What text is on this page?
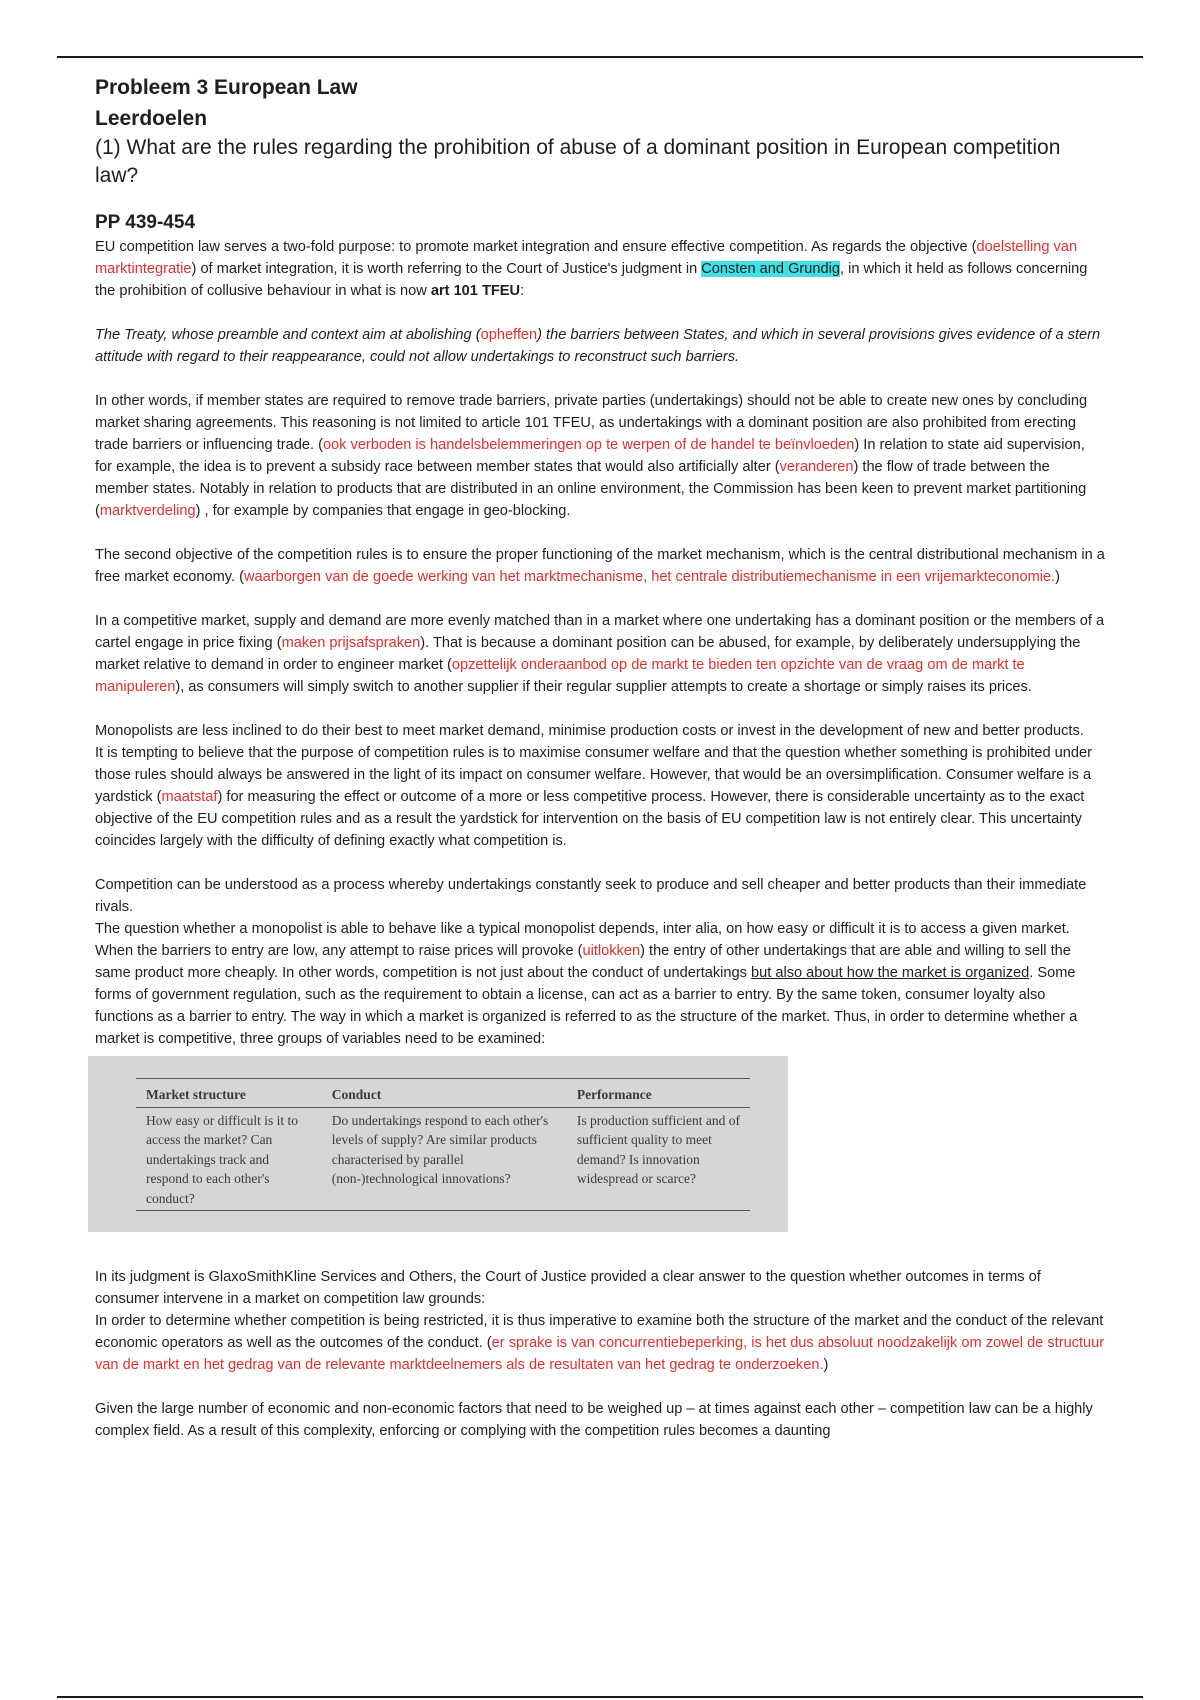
Probleem 3 European Law
Leerdoelen
(1) What are the rules regarding the prohibition of abuse of a dominant position in European competition law?
PP 439-454

EU competition law serves a two-fold purpose: to promote market integration and ensure effective competition. As regards the objective (doelstelling van marktintegratie) of market integration, it is worth referring to the Court of Justice's judgment in Consten and Grundig, in which it held as follows concerning the prohibition of collusive behaviour in what is now art 101 TFEU:

The Treaty, whose preamble and context aim at abolishing (opheffen) the barriers between States, and which in several provisions gives evidence of a stern attitude with regard to their reappearance, could not allow undertakings to reconstruct such barriers.

In other words, if member states are required to remove trade barriers, private parties (undertakings) should not be able to create new ones by concluding market sharing agreements. This reasoning is not limited to article 101 TFEU, as undertakings with a dominant position are also prohibited from erecting trade barriers or influencing trade. (ook verboden is handelsbelemmeringen op te werpen of de handel te beïnvloeden) In relation to state aid supervision, for example, the idea is to prevent a subsidy race between member states that would also artificially alter (veranderen) the flow of trade between the member states. Notably in relation to products that are distributed in an online environment, the Commission has been keen to prevent market partitioning (marktverdeling) , for example by companies that engage in geo-blocking.

The second objective of the competition rules is to ensure the proper functioning of the market mechanism, which is the central distributional mechanism in a free market economy. (waarborgen van de goede werking van het marktmechanisme, het centrale distributiemechanisme in een vrijemarkteconomie.)

In a competitive market, supply and demand are more evenly matched than in a market where one undertaking has a dominant position or the members of a cartel engage in price fixing (maken prijsafspraken). That is because a dominant position can be abused, for example, by deliberately undersupplying the market relative to demand in order to engineer market (opzettelijk onderaanbod op de markt te bieden ten opzichte van de vraag om de markt te manipuleren), as consumers will simply switch to another supplier if their regular supplier attempts to create a shortage or simply raises its prices.

Monopolists are less inclined to do their best to meet market demand, minimise production costs or invest in the development of new and better products.
It is tempting to believe that the purpose of competition rules is to maximise consumer welfare and that the question whether something is prohibited under those rules should always be answered in the light of its impact on consumer welfare. However, that would be an oversimplification. Consumer welfare is a yardstick (maatstaf) for measuring the effect or outcome of a more or less competitive process. However, there is considerable uncertainty as to the exact objective of the EU competition rules and as a result the yardstick for intervention on the basis of EU competition law is not entirely clear. This uncertainty coincides largely with the difficulty of defining exactly what competition is.

Competition can be understood as a process whereby undertakings constantly seek to produce and sell cheaper and better products than their immediate rivals.
The question whether a monopolist is able to behave like a typical monopolist depends, inter alia, on how easy or difficult it is to access a given market. When the barriers to entry are low, any attempt to raise prices will provoke (uitlokken) the entry of other undertakings that are able and willing to sell the same product more cheaply. In other words, competition is not just about the conduct of undertakings but also about how the market is organized. Some forms of government regulation, such as the requirement to obtain a license, can act as a barrier to entry. By the same token, consumer loyalty also functions as a barrier to entry. The way in which a market is organized is referred to as the structure of the market. Thus, in order to determine whether a market is competitive, three groups of variables need to be examined:

Market structure	Conduct	Performance
How easy or difficult is it to access the market? Can undertakings track and respond to each other's conduct?	Do undertakings respond to each other's levels of supply? Are similar products characterised by parallel (non-)technological innovations?	Is production sufficient and of sufficient quality to meet demand? Is innovation widespread or scarce?

In its judgment is GlaxoSmithKline Services and Others, the Court of Justice provided a clear answer to the question whether outcomes in terms of consumer intervene in a market on competition law grounds:
In order to determine whether competition is being restricted, it is thus imperative to examine both the structure of the market and the conduct of the relevant economic operators as well as the outcomes of the conduct. (er sprake is van concurrentiebeperking, is het dus absoluut noodzakelijk om zowel de structuur van de markt en het gedrag van de relevante marktdeelnemers als de resultaten van het gedrag te onderzoeken.)

Given the large number of economic and non-economic factors that need to be weighed up – at times against each other – competition law can be a highly complex field. As a result of this complexity, enforcing or complying with the competition rules becomes a daunting
